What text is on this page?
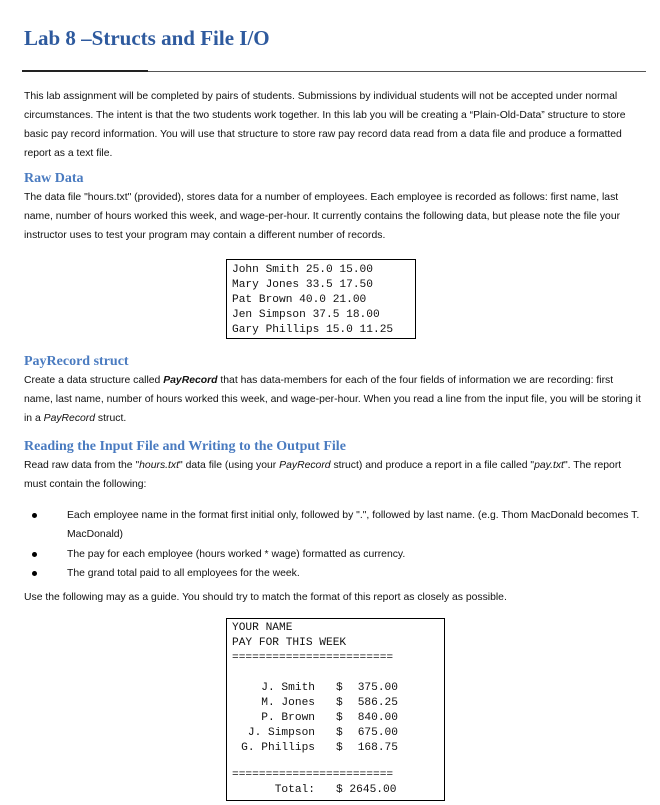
Lab 8 –Structs and File I/O

This lab assignment will be completed by pairs of students. Submissions by individual students will not be accepted under normal circumstances. The intent is that the two students work together. In this lab you will be creating a “Plain-Old-Data” structure to store basic pay record information. You will use that structure to store raw pay record data read from a data file and produce a formatted report as a text file.

Raw Data

The data file "hours.txt" (provided), stores data for a number of employees. Each employee is recorded as follows: first name, last name, number of hours worked this week, and wage-per-hour. It currently contains the following data, but please note the file your instructor uses to test your program may contain a different number of records.

John Smith 25.0 15.00
Mary Jones 33.5 17.50
Pat Brown 40.0 21.00
Jen Simpson 37.5 18.00
Gary Phillips 15.0 11.25
PayRecord struct

Create a data structure called PayRecord that has data-members for each of the four fields of information we are recording: first name, last name, number of hours worked this week, and wage-per-hour. When you read a line from the input file, you will be storing it in a PayRecord struct.

Reading the Input File and Writing to the Output File

Read raw data from the "hours.txt" data file (using your PayRecord struct) and produce a report in a file called "pay.txt". The report must contain the following:

Each employee name in the format first initial only, followed by ".", followed by last name. (e.g. Thom MacDonald becomes T. MacDonald)
The pay for each employee (hours worked * wage) formatted as currency.
The grand total paid to all employees for the week.

Use the following may as a guide. You should try to match the format of this report as closely as possible.

YOUR NAME
PAY FOR THIS WEEK
========================
J. Smith $	375.00
M. Jones $	586.25
P. Brown $	840.00
J. Simpson $	675.00
G. Phillips $	168.75
========================
Total: $ 2645.00
